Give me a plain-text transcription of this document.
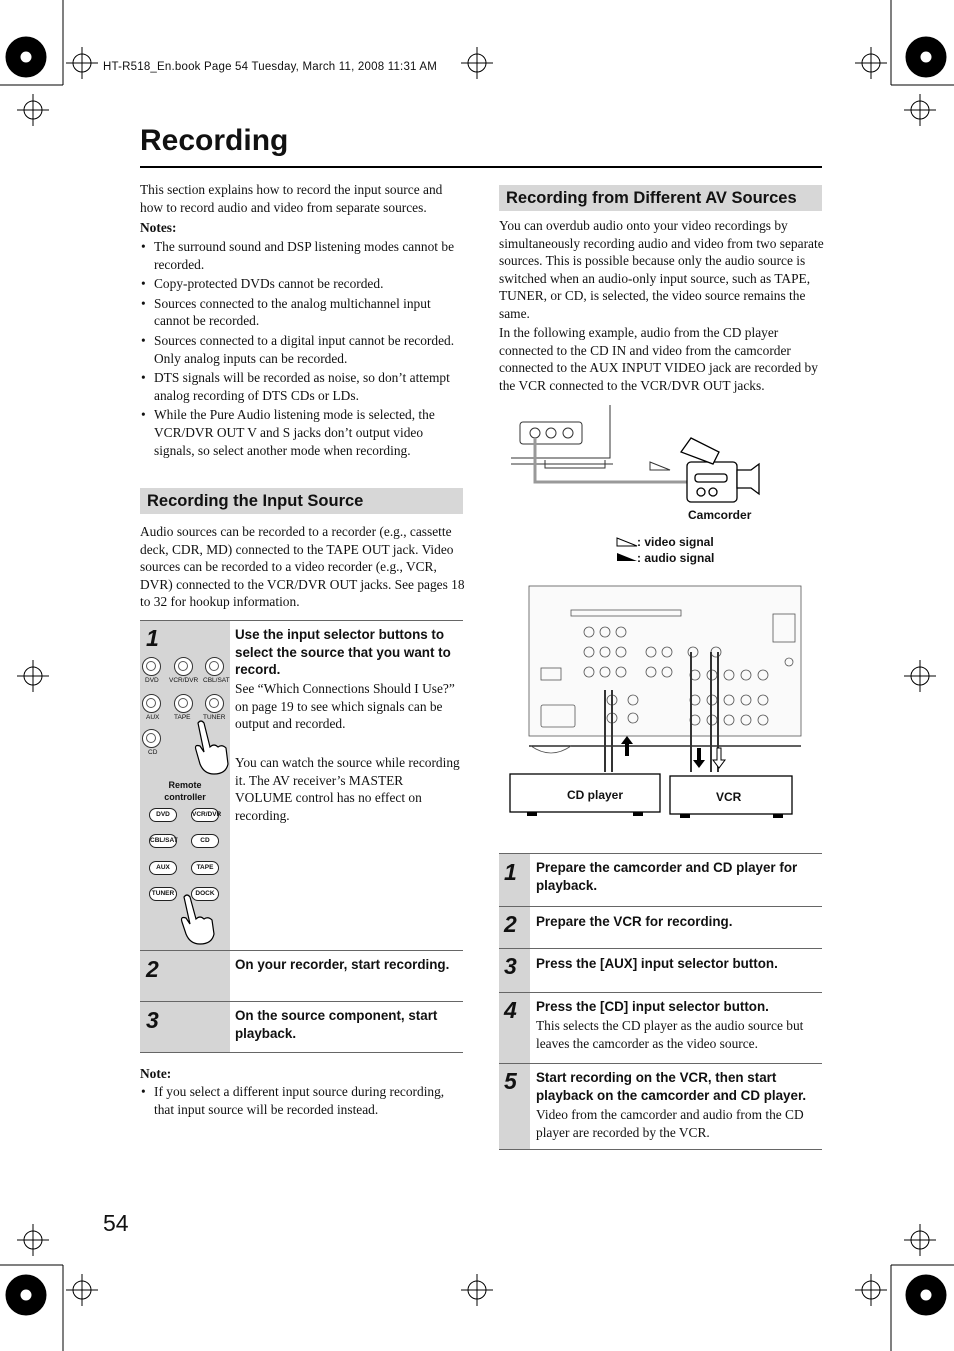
HT-R518_En.book Page 54 Tuesday, March 11, 2008 11:31 AM
Recording
This section explains how to record the input source and how to record audio and video from separate sources.
Notes:
• The surround sound and DSP listening modes cannot be recorded.
• Copy-protected DVDs cannot be recorded.
• Sources connected to the analog multichannel input cannot be recorded.
• Sources connected to a digital input cannot be recorded. Only analog inputs can be recorded.
• DTS signals will be recorded as noise, so don’t attempt analog recording of DTS CDs or LDs.
• While the Pure Audio listening mode is selected, the VCR/DVR OUT V and S jacks don’t output video signals, so select another mode when recording.
Recording the Input Source
Audio sources can be recorded to a recorder (e.g., cassette deck, CDR, MD) connected to the TAPE OUT jack. Video sources can be recorded to a video recorder (e.g., VCR, DVR) connected to the VCR/DVR OUT jacks. See pages 18 to 32 for hookup information.
1
DVD VCR/DVR CBL/SAT
AUX TAPE TUNER
CD
Remote controller
DVD	VCR/DVR
CBL/SAT	CD
AUX	TAPE
TUNER	DOCK
Use the input selector buttons to select the source that you want to record.
See “Which Connections Should I Use?” on page 19 to see which signals can be output and recorded.
You can watch the source while recording it. The AV receiver’s MASTER VOLUME control has no effect on recording.
2	On your recorder, start recording.
3	On the source component, start playback.
Note:
• If you select a different input source during recording, that input source will be recorded instead.
Recording from Different AV Sources
You can overdub audio onto your video recordings by simultaneously recording audio and video from two separate sources. This is possible because only the audio source is switched when an audio-only input source, such as TAPE, TUNER, or CD, is selected, the video source remains the same.
In the following example, audio from the CD player connected to the CD IN and video from the camcorder connected to the AUX INPUT VIDEO jack are recorded by the VCR connected to the VCR/DVR OUT jacks.
Camcorder
: video signal
: audio signal
CD player	VCR
1 Prepare the camcorder and CD player for playback.
2 Prepare the VCR for recording.
3 Press the [AUX] input selector button.
4 Press the [CD] input selector button.
This selects the CD player as the audio source but leaves the camcorder as the video source.
5 Start recording on the VCR, then start playback on the camcorder and CD player.
Video from the camcorder and audio from the CD player are recorded by the VCR.
54
